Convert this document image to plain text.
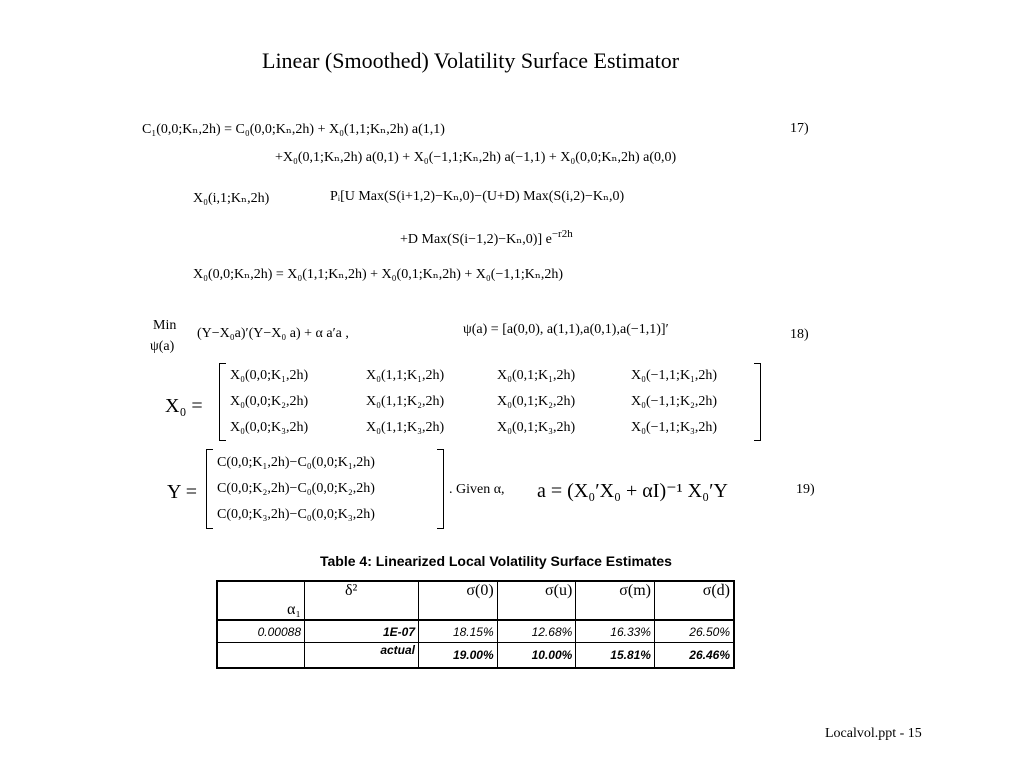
Linear (Smoothed) Volatility Surface Estimator
C₁(0,0;Kₙ,2h) = C₀(0,0;Kₙ,2h) + X₀(1,1;Kₙ,2h) a(1,1)	17)
+X₀(0,1;Kₙ,2h) a(0,1) + X₀(−1,1;Kₙ,2h) a(−1,1) + X₀(0,0;Kₙ,2h) a(0,0)
X₀(i,1;Kₙ,2h)	Pᵢ[U Max(S(i+1,2)−Kₙ,0)−(U+D) Max(S(i,2)−Kₙ,0)
+D Max(S(i−1,2)−Kₙ,0)] $e^{-r2h}$
X₀(0,0;Kₙ,2h) = X₀(1,1;Kₙ,2h) + X₀(0,1;Kₙ,2h) + X₀(−1,1;Kₙ,2h)
Min
ψ(a)
(Y−X₀a)′(Y−X₀ a) + α a′a ,	ψ(a) = [a(0,0), a(1,1),a(0,1),a(−1,1)]′	18)
X₀ =
X₀(0,0;K₁,2h)	X₀(1,1;K₁,2h)	X₀(0,1;K₁,2h)	X₀(−1,1;K₁,2h)
X₀(0,0;K₂,2h)	X₀(1,1;K₂,2h)	X₀(0,1;K₂,2h)	X₀(−1,1;K₂,2h)
X₀(0,0;K₃,2h)	X₀(1,1;K₃,2h)	X₀(0,1;K₃,2h)	X₀(−1,1;K₃,2h)
Y =
C(0,0;K₁,2h)−C₀(0,0;K₁,2h)
C(0,0;K₂,2h)−C₀(0,0;K₂,2h)
C(0,0;K₃,2h)−C₀(0,0;K₃,2h)
. Given α, a = (X₀′X₀ + αI)⁻¹ X₀′Y	19)
Table 4: Linearized Local Volatility Surface Estimates
α₁	δ²	σ(0)	σ(u)	σ(m)	σ(d)
0.00088	1E-07	18.15%	12.68%	16.33%	26.50%
	actual	19.00%	10.00%	15.81%	26.46%
Localvol.ppt - 15
